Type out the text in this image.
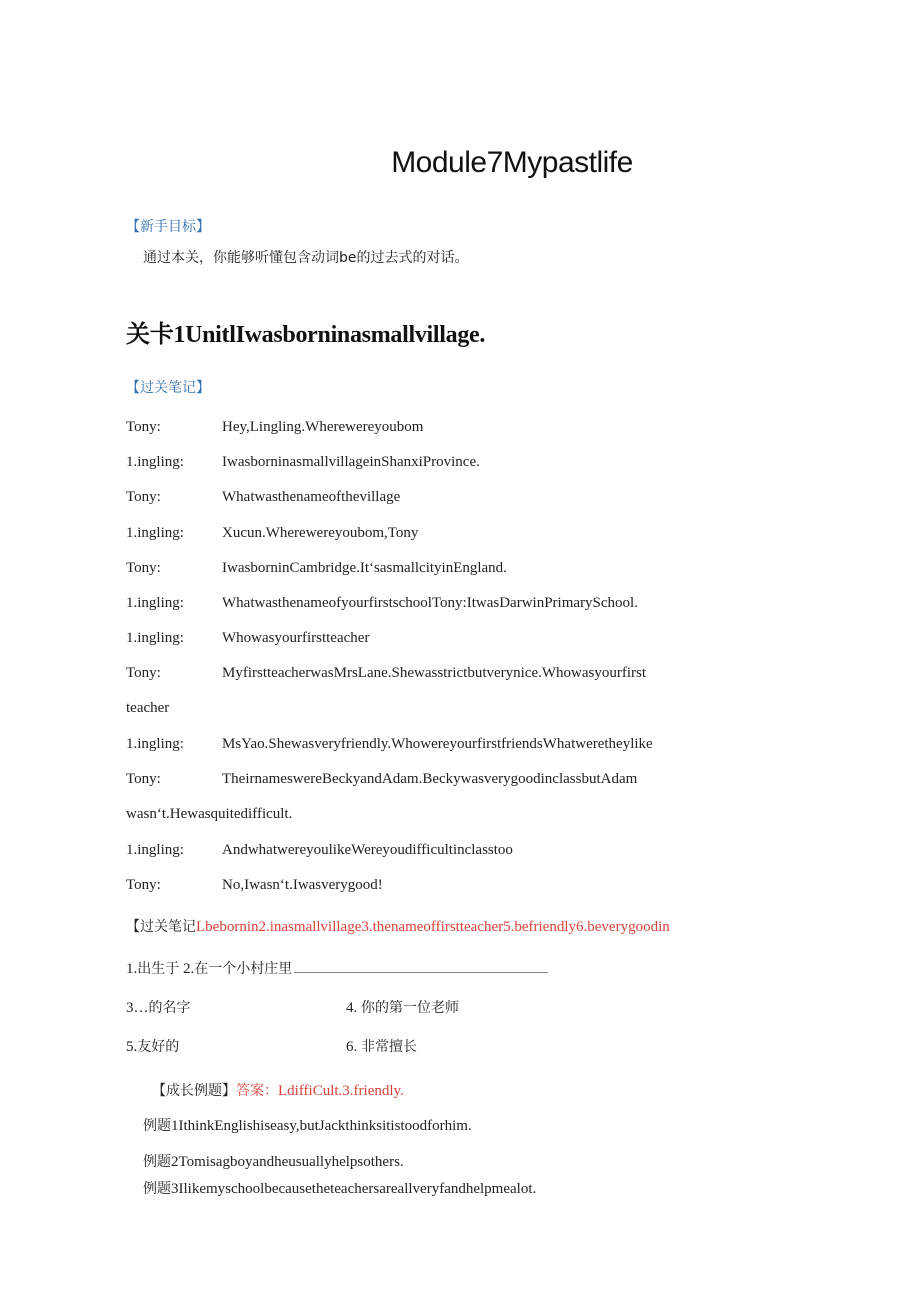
Module7Mypastlife
【新手目标】
通过本关，你能够听懂包含动词be的过去式的对话。
关卡1UnitlIwasborninasmallvillage.
【过关笔记】
Tony:	Hey,Lingling.Wherewereyoubom
1.ingling:	IwasborninasmallvillageinShanxiProvince.
Tony:	Whatwasthenameofthevillage
1.ingling:	Xucun.Wherewereyoubom,Tony
Tony:	IwasborninCambridge.It‘sasmallcityinEngland.
1.ingling:	WhatwasthenameofyourfirstschoolTony:ItwasDarwinPrimarySchool.
1.ingling:	Whowasyourfirstteacher
Tony:	MyfirstteacherwasMrsLane.Shewasstrictbutverynice.Whowasyourfirst
teacher
1.ingling:	MsYao.Shewasveryfriendly.WhowereyourfirstfriendsWhatweretheylike
Tony:	TheirnameswereBeckyandAdam.BeckywasverygoodinclassbutAdam
wasn‘t.Hewasquitedifficult.
1.ingling:	AndwhatwereyoulikeWereyoudifficultinclasstoo
Tony:	No,Iwasn‘t.Iwasverygood!
【过关笔记Lbebornin2.inasmallvillage3.thenameoffirstteacher5.befriendly6.beverygoodin
1.出生于 2.在一个小村庄里
3…的名字	4. 你的第一位老师
5.友好的	6. 非常擅长
【成长例题】答案：LdiffiCult.3.friendly.
例题1IthinkEnglishiseasy,butJackthinksitistoodforhim.
例题2Tomisagboyandheusuallyhelpsothers.
例题3Ilikemyschoolbecausetheteachersareallveryfandhelpmealot.
